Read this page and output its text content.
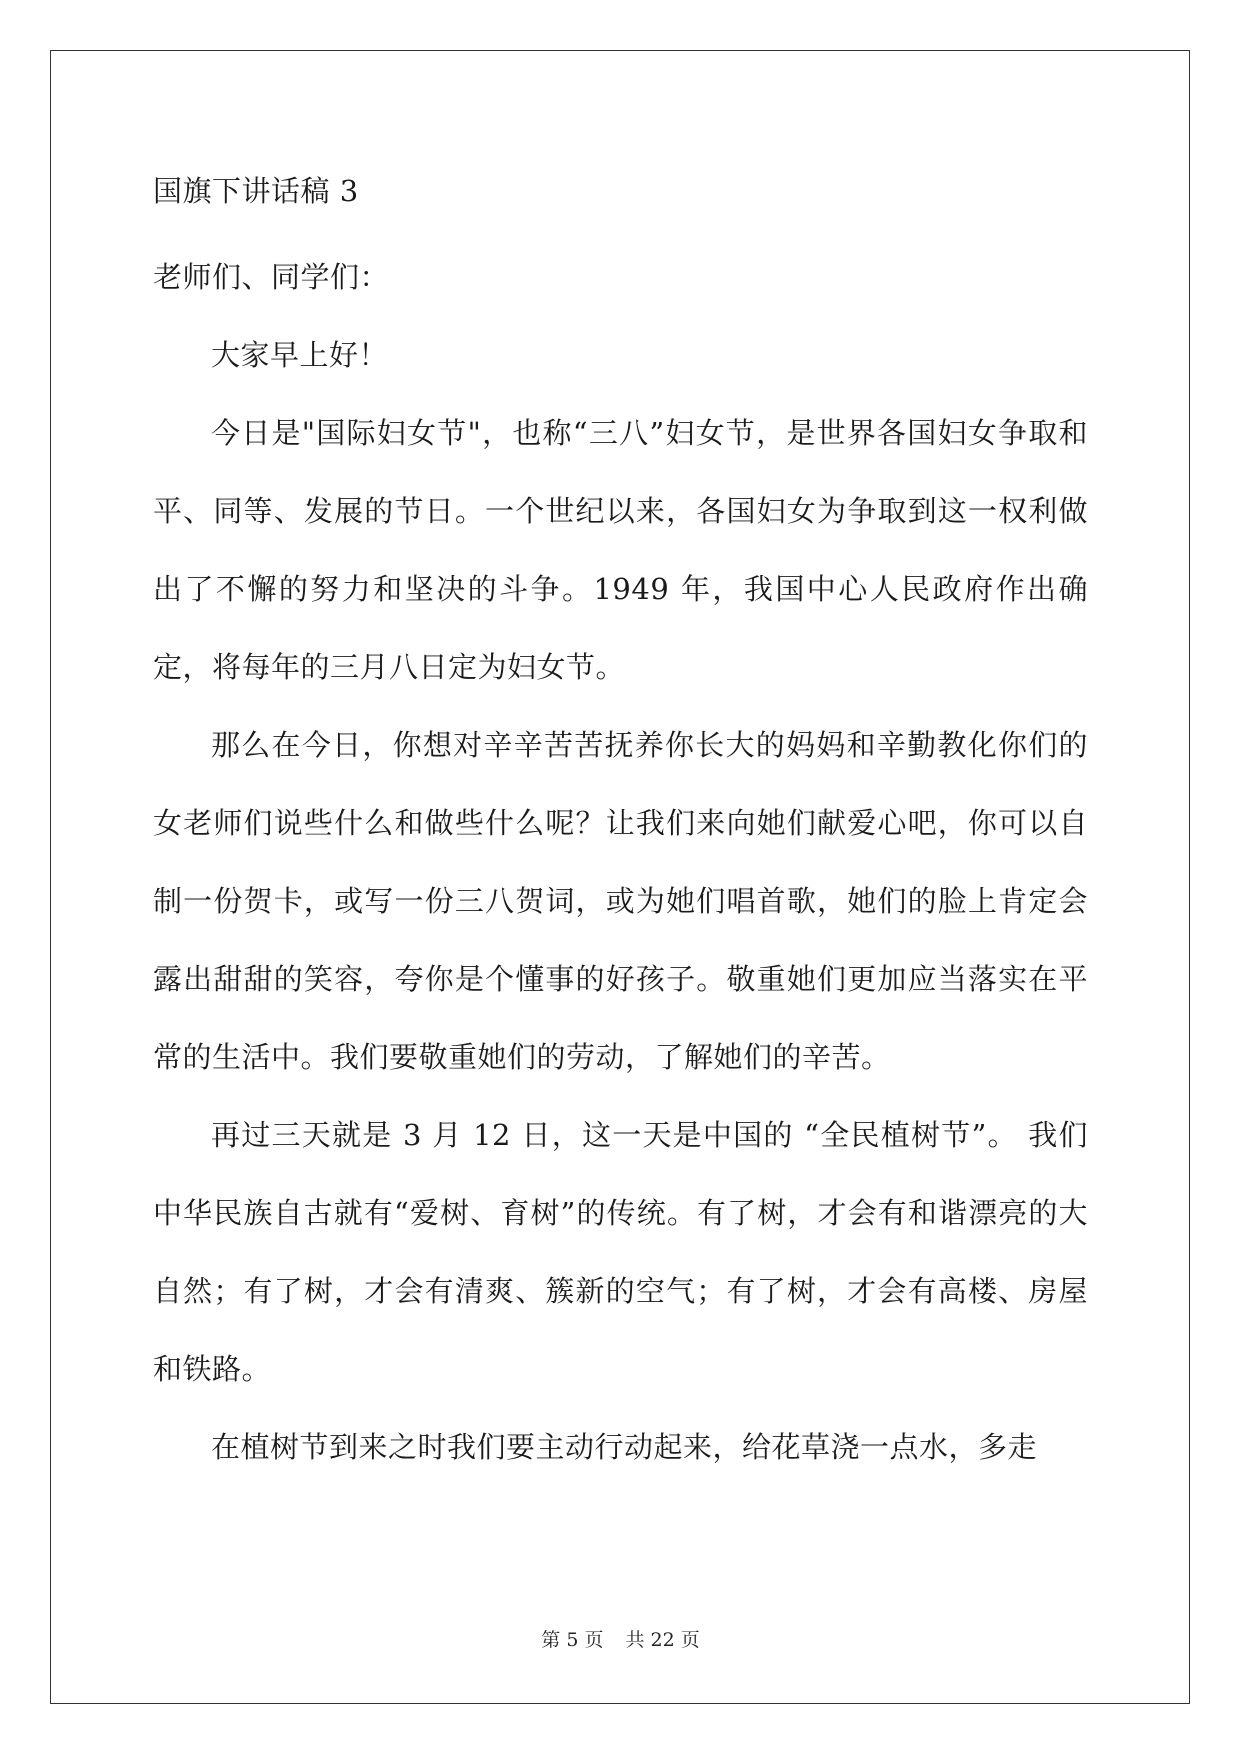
国旗下讲话稿 3

老师们、同学们：

大家早上好！

今日是"国际妇女节"，也称“三八”妇女节，是世界各国妇女争取和平、同等、发展的节日。一个世纪以来，各国妇女为争取到这一权利做出了不懈的努力和坚决的斗争。1949 年，我国中心人民政府作出确定，将每年的三月八日定为妇女节。

那么在今日，你想对辛辛苦苦抚养你长大的妈妈和辛勤教化你们的女老师们说些什么和做些什么呢？让我们来向她们献爱心吧，你可以自制一份贺卡，或写一份三八贺词，或为她们唱首歌，她们的脸上肯定会露出甜甜的笑容，夸你是个懂事的好孩子。敬重她们更加应当落实在平常的生活中。我们要敬重她们的劳动，了解她们的辛苦。

再过三天就是 3 月 12 日，这一天是中国的 “全民植树节”。 我们中华民族自古就有“爱树、育树”的传统。有了树，才会有和谐漂亮的大自然；有了树，才会有清爽、簇新的空气；有了树，才会有高楼、房屋和铁路。

在植树节到来之时我们要主动行动起来，给花草浇一点水，多走

第 5 页 共 22 页
